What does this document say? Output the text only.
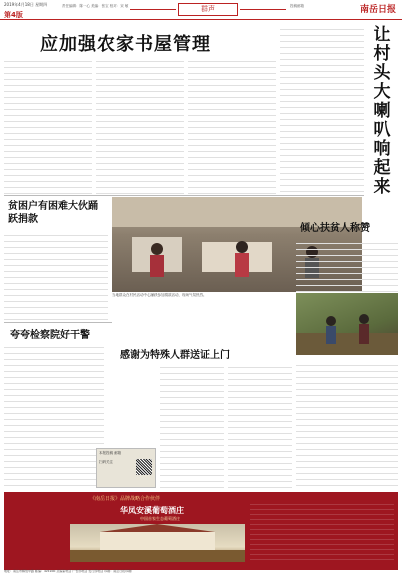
2019年4月18日 星期四
第4版
责任编辑：陈一心 美编：张宝 校对：宋 敏	群声	投稿邮箱	南岳日报
应加强农家书屋管理	让村头大喇叭响起来
贫困户有困难大伙踊跃捐款
当地群众在村民活动中心踊跃参加捐款活动，现场气氛热烈。
倾心扶贫人称赞
夸夸检察院好干警
感谢为特殊人群送证上门
本报投稿 邮箱
扫码关注
《南岳日报》品牌战略合作伙伴
华凤安溪葡萄酒庄
中国首家生态葡萄酒庄
地址：南岳市解放中路 邮编：421900 总编室电话 广告部电话 发行部电话 印刷：南岳日报印刷厂
